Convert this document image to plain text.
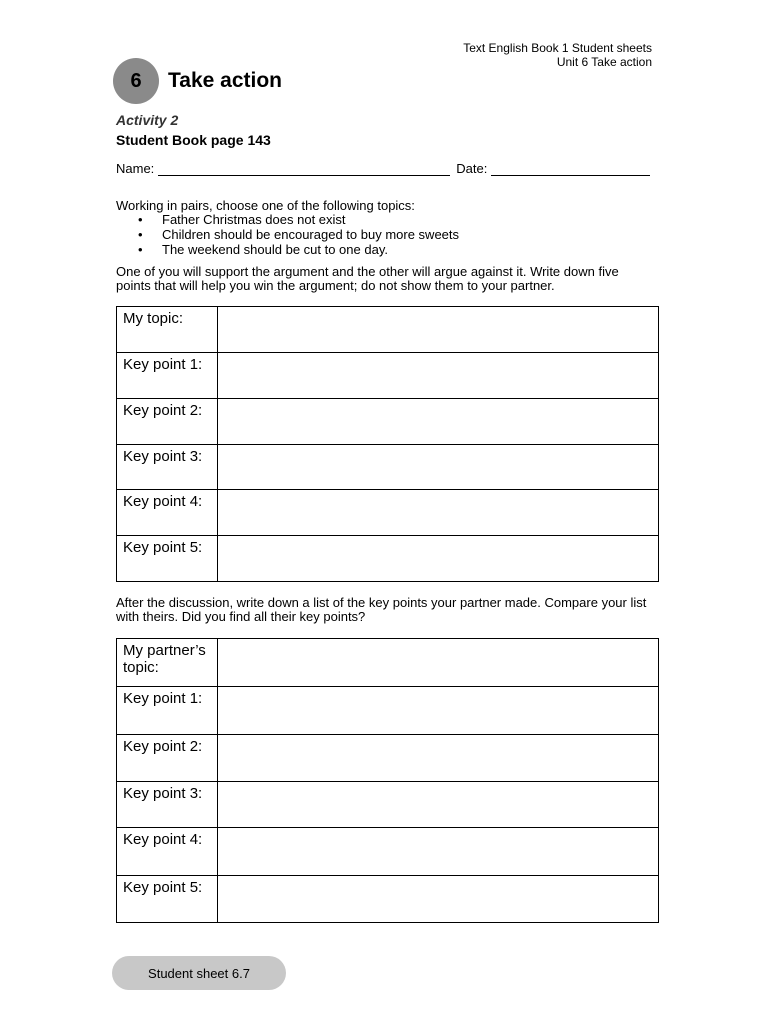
Text English Book 1 Student sheets
Unit 6 Take action
6	Take action
Activity 2
Student Book page 143
Name:	Date:
Working in pairs, choose one of the following topics:
• Father Christmas does not exist
• Children should be encouraged to buy more sweets
• The weekend should be cut to one day.
One of you will support the argument and the other will argue against it. Write down five points that will help you win the argument; do not show them to your partner.
My topic:	
Key point 1:	
Key point 2:	
Key point 3:	
Key point 4:	
Key point 5:	
After the discussion, write down a list of the key points your partner made. Compare your list with theirs. Did you find all their key points?
My partner’s topic:	
Key point 1:	
Key point 2:	
Key point 3:	
Key point 4:	
Key point 5:	
Student sheet 6.7
